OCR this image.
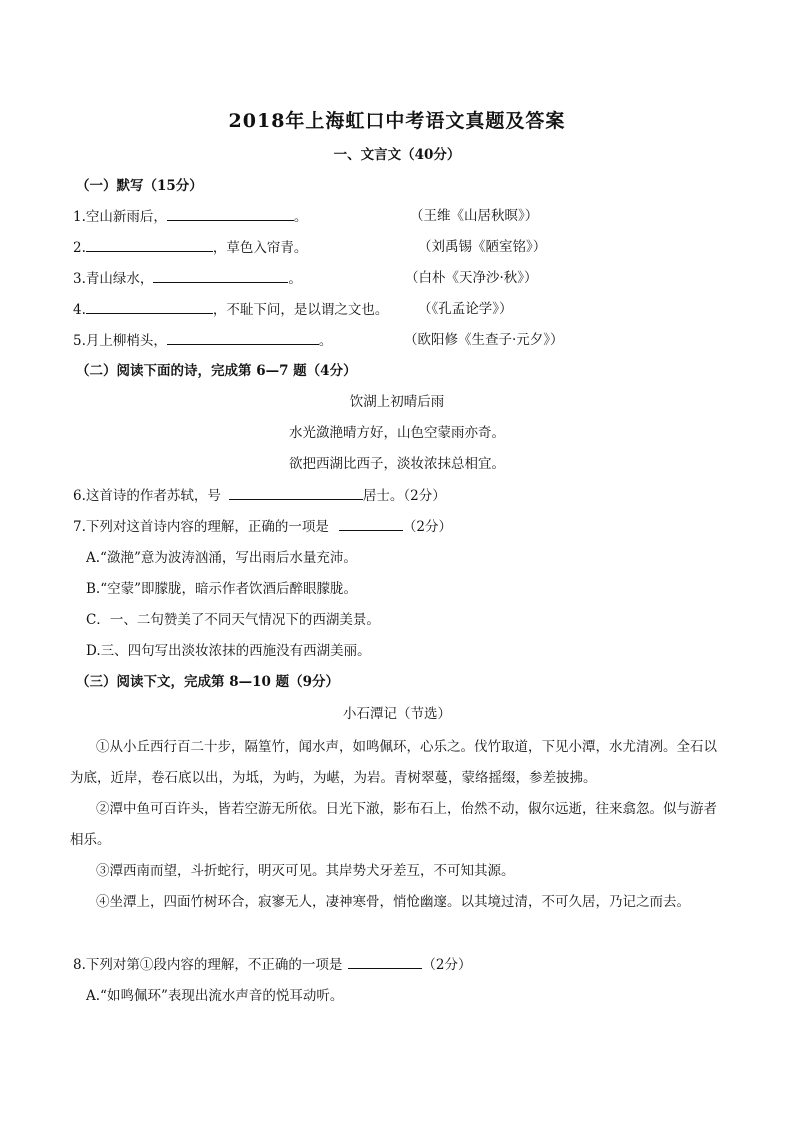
2018年上海虹口中考语文真题及答案
一、文言文（40分）
（一）默写（15分）
1.空山新雨后，	。	（王维《山居秋暝》）
2.	，草色入帘青。	（刘禹锡《陋室铭》）
3.青山绿水，	。	（白朴《天净沙·秋》）
4.	，不耻下问，是以谓之文也。 （《孔孟论学》）
5.月上柳梢头，	。	（欧阳修《生查子·元夕》）
（二）阅读下面的诗，完成第 6—7 题（4分）
饮湖上初晴后雨
水光潋滟晴方好，山色空蒙雨亦奇。
欲把西湖比西子，淡妆浓抹总相宜。
6.这首诗的作者苏轼，号	居士。（2分）
7.下列对这首诗内容的理解，正确的一项是	（2分）
A.“潋滟”意为波涛汹涌，写出雨后水量充沛。
B.“空蒙”即朦胧，暗示作者饮酒后醉眼朦胧。
C．一、二句赞美了不同天气情况下的西湖美景。
D.三、四句写出淡妆浓抹的西施没有西湖美丽。
（三）阅读下文，完成第 8—10 题（9分）
小石潭记（节选）
①从小丘西行百二十步，隔篁竹，闻水声，如鸣佩环，心乐之。伐竹取道，下见小潭，水尤清冽。全石以为底，近岸，卷石底以出，为坻，为屿，为嵁，为岩。青树翠蔓，蒙络摇缀，参差披拂。
②潭中鱼可百许头，皆若空游无所依。日光下澈，影布石上，佁然不动，俶尔远逝，往来翕忽。似与游者相乐。
③潭西南而望，斗折蛇行，明灭可见。其岸势犬牙差互，不可知其源。
④坐潭上，四面竹树环合，寂寥无人，凄神寒骨，悄怆幽邃。以其境过清，不可久居，乃记之而去。
8.下列对第①段内容的理解，不正确的一项是	（2分）
A.“如鸣佩环”表现出流水声音的悦耳动听。
